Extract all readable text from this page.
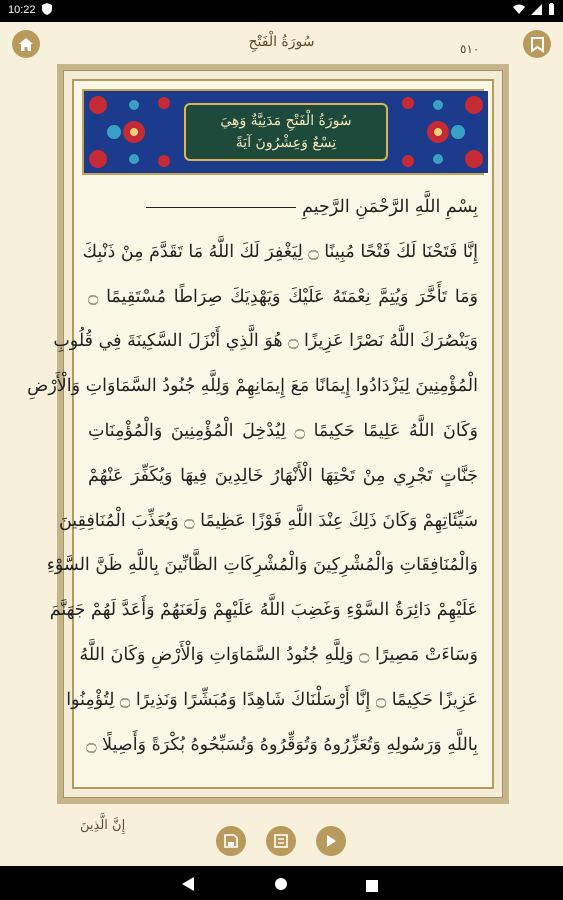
10:22
سُورَةُ الْفَتْحِ	٥١٠
سُورَةُ الْفَتْحِ مَدَنِيَّةٌ وَهِيَ
تِسْعٌ وَعِشْرُونَ آيَةً
بِسْمِ اللَّهِ الرَّحْمَنِ الرَّحِيمِ
إِنَّا فَتَحْنَا لَكَ فَتْحًا مُبِينًا ۝ لِيَغْفِرَ لَكَ اللَّهُ مَا تَقَدَّمَ مِنْ ذَنْبِكَ
وَمَا تَأَخَّرَ وَيُتِمَّ نِعْمَتَهُ عَلَيْكَ وَيَهْدِيَكَ صِرَاطًا مُسْتَقِيمًا ۝
وَيَنْصُرَكَ اللَّهُ نَصْرًا عَزِيزًا ۝ هُوَ الَّذِي أَنْزَلَ السَّكِينَةَ فِي قُلُوبِ
الْمُؤْمِنِينَ لِيَزْدَادُوا إِيمَانًا مَعَ إِيمَانِهِمْ وَلِلَّهِ جُنُودُ السَّمَاوَاتِ وَالْأَرْضِ
وَكَانَ اللَّهُ عَلِيمًا حَكِيمًا ۝ لِيُدْخِلَ الْمُؤْمِنِينَ وَالْمُؤْمِنَاتِ
جَنَّاتٍ تَجْرِي مِنْ تَحْتِهَا الْأَنْهَارُ خَالِدِينَ فِيهَا وَيُكَفِّرَ عَنْهُمْ
سَيِّئَاتِهِمْ وَكَانَ ذَلِكَ عِنْدَ اللَّهِ فَوْزًا عَظِيمًا ۝ وَيُعَذِّبَ الْمُنَافِقِينَ
وَالْمُنَافِقَاتِ وَالْمُشْرِكِينَ وَالْمُشْرِكَاتِ الظَّانِّينَ بِاللَّهِ ظَنَّ السَّوْءِ
عَلَيْهِمْ دَائِرَةُ السَّوْءِ وَغَضِبَ اللَّهُ عَلَيْهِمْ وَلَعَنَهُمْ وَأَعَدَّ لَهُمْ جَهَنَّمَ
وَسَاءَتْ مَصِيرًا ۝ وَلِلَّهِ جُنُودُ السَّمَاوَاتِ وَالْأَرْضِ وَكَانَ اللَّهُ
عَزِيزًا حَكِيمًا ۝ إِنَّا أَرْسَلْنَاكَ شَاهِدًا وَمُبَشِّرًا وَنَذِيرًا ۝ لِتُؤْمِنُوا
بِاللَّهِ وَرَسُولِهِ وَتُعَزِّرُوهُ وَتُوَقِّرُوهُ وَتُسَبِّحُوهُ بُكْرَةً وَأَصِيلًا ۝
إِنَّ الَّذِينَ
